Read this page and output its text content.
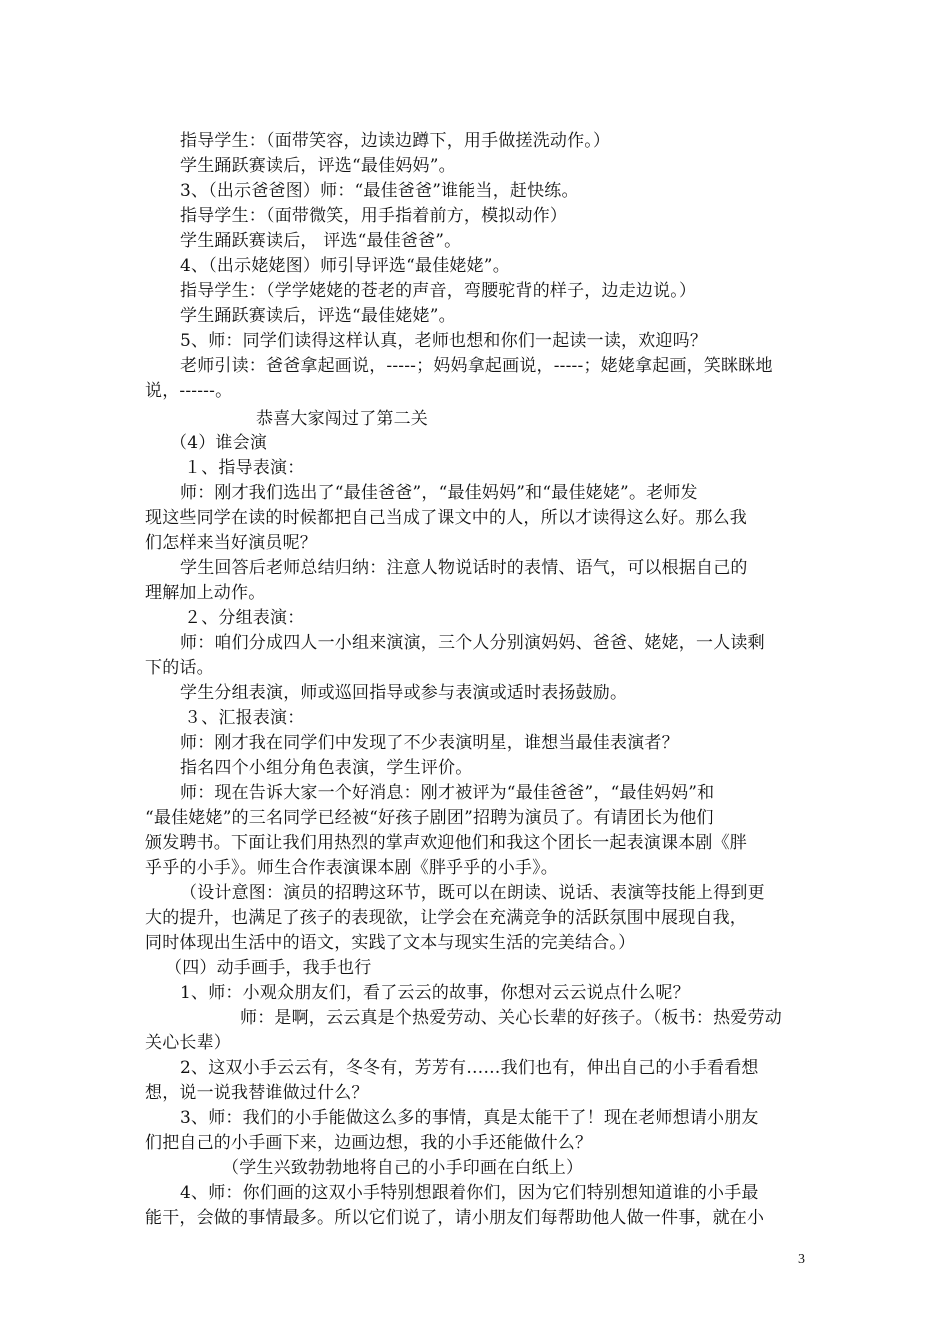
指导学生：（面带笑容，边读边蹲下，用手做搓洗动作。）
学生踊跃赛读后，评选“最佳妈妈”。
3、（出示爸爸图）师：“最佳爸爸”谁能当，赶快练。
指导学生：（面带微笑，用手指着前方，模拟动作）
学生踊跃赛读后， 评选“最佳爸爸”。
4、（出示姥姥图）师引导评选“最佳姥姥”。
指导学生：（学学姥姥的苍老的声音，弯腰驼背的样子，边走边说。）
学生踊跃赛读后，评选“最佳姥姥”。
5、师：同学们读得这样认真，老师也想和你们一起读一读，欢迎吗？
老师引读：爸爸拿起画说，-----；妈妈拿起画说，-----；姥姥拿起画，笑眯眯地
说，------。
恭喜大家闯过了第二关
（4）谁会演
１、指导表演：
师：刚才我们选出了“最佳爸爸”，“最佳妈妈”和“最佳姥姥”。老师发
现这些同学在读的时候都把自己当成了课文中的人，所以才读得这么好。那么我
们怎样来当好演员呢？
学生回答后老师总结归纳：注意人物说话时的表情、语气，可以根据自己的
理解加上动作。
２、分组表演：
师：咱们分成四人一小组来演演，三个人分别演妈妈、爸爸、姥姥，一人读剩
下的话。
学生分组表演，师或巡回指导或参与表演或适时表扬鼓励。
３、汇报表演：
师：刚才我在同学们中发现了不少表演明星，谁想当最佳表演者？
指名四个小组分角色表演，学生评价。
师：现在告诉大家一个好消息：刚才被评为“最佳爸爸”，“最佳妈妈”和
“最佳姥姥”的三名同学已经被“好孩子剧团”招聘为演员了。有请团长为他们
颁发聘书。下面让我们用热烈的掌声欢迎他们和我这个团长一起表演课本剧《胖
乎乎的小手》。师生合作表演课本剧《胖乎乎的小手》。
（设计意图：演员的招聘这环节，既可以在朗读、说话、表演等技能上得到更
大的提升，也满足了孩子的表现欲，让学会在充满竞争的活跃氛围中展现自我，
同时体现出生活中的语文，实践了文本与现实生活的完美结合。）
（四）动手画手，我手也行
1、师：小观众朋友们，看了云云的故事，你想对云云说点什么呢？
师：是啊，云云真是个热爱劳动、关心长辈的好孩子。（板书：热爱劳动
关心长辈）
2、这双小手云云有，冬冬有，芳芳有……我们也有，伸出自己的小手看看想
想，说一说我替谁做过什么？
3、师：我们的小手能做这么多的事情，真是太能干了！现在老师想请小朋友
们把自己的小手画下来，边画边想，我的小手还能做什么？
（学生兴致勃勃地将自己的小手印画在白纸上）
4、师：你们画的这双小手特别想跟着你们，因为它们特别想知道谁的小手最
能干，会做的事情最多。所以它们说了，请小朋友们每帮助他人做一件事，就在小
3
